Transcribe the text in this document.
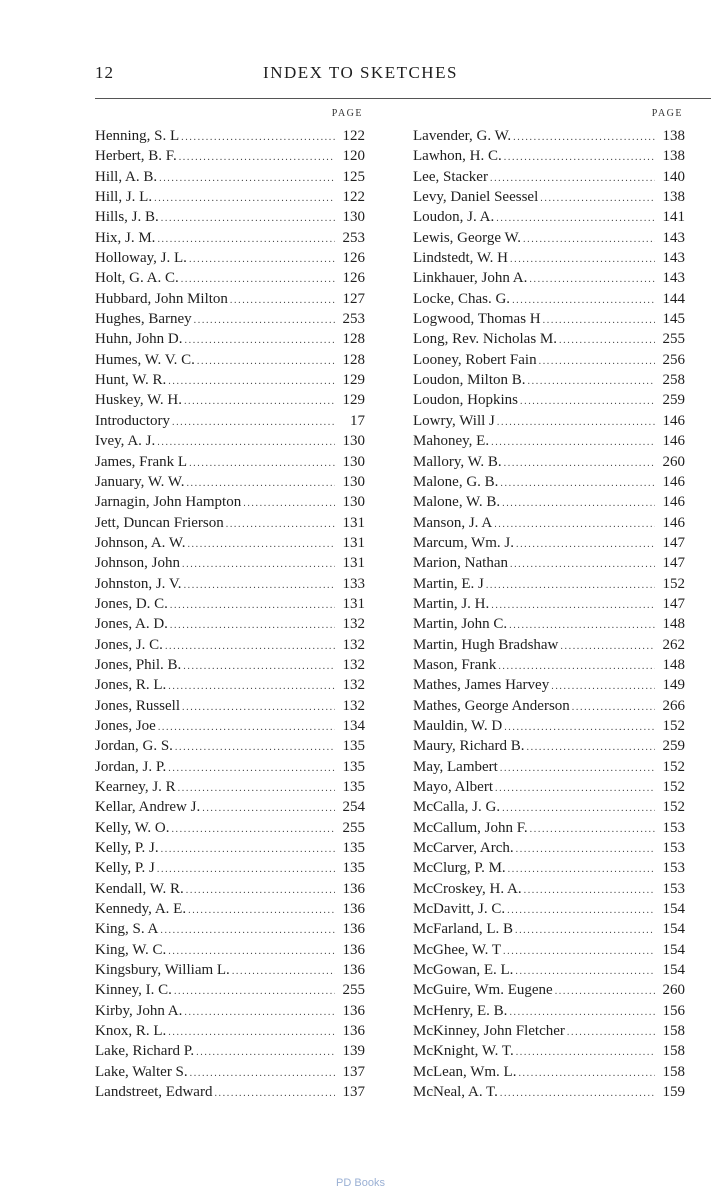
12	INDEX TO SKETCHES
PAGE
Henning, S. L .....	122
Herbert, B. F. .....	120
Hill, A. B. .....	125
Hill, J. L. .....	122
Hills, J. B. .....	130
Hix, J. M. .....	253
Holloway, J. L. .....	126
Holt, G. A. C. .....	126
Hubbard, John Milton .....	127
Hughes, Barney .....	253
Huhn, John D. .....	128
Humes, W. V. C. .....	128
Hunt, W. R. .....	129
Huskey, W. H. .....	129
Introductory .....	17
Ivey, A. J. .....	130
James, Frank L .....	130
January, W. W. .....	130
Jarnagin, John Hampton .....	130
Jett, Duncan Frierson .....	131
Johnson, A. W. .....	131
Johnson, John .....	131
Johnston, J. V. .....	133
Jones, D. C. .....	131
Jones, A. D. .....	132
Jones, J. C. .....	132
Jones, Phil. B. .....	132
Jones, R. L. .....	132
Jones, Russell .....	132
Jones, Joe .....	134
Jordan, G. S. .....	135
Jordan, J. P. .....	135
Kearney, J. R .....	135
Kellar, Andrew J. .....	254
Kelly, W. O. .....	255
Kelly, P. J. .....	135
Kelly, P. J .....	135
Kendall, W. R. .....	136
Kennedy, A. E. .....	136
King, S. A .....	136
King, W. C. .....	136
Kingsbury, William L. .....	136
Kinney, I. C. .....	255
Kirby, John A. .....	136
Knox, R. L. .....	136
Lake, Richard P. .....	139
Lake, Walter S. .....	137
Landstreet, Edward .....	137
PAGE
Lavender, G. W. .....	138
Lawhon, H. C. .....	138
Lee, Stacker .....	140
Levy, Daniel Seessel .....	138
Loudon, J. A. .....	141
Lewis, George W. .....	143
Lindstedt, W. H .....	143
Linkhauer, John A. .....	143
Locke, Chas. G. .....	144
Logwood, Thomas H .....	145
Long, Rev. Nicholas M. .....	255
Looney, Robert Fain .....	256
Loudon, Milton B. .....	258
Loudon, Hopkins .....	259
Lowry, Will J .....	146
Mahoney, E. .....	146
Mallory, W. B. .....	260
Malone, G. B. .....	146
Malone, W. B. .....	146
Manson, J. A .....	146
Marcum, Wm. J. .....	147
Marion, Nathan .....	147
Martin, E. J .....	152
Martin, J. H. .....	147
Martin, John C. .....	148
Martin, Hugh Bradshaw .....	262
Mason, Frank .....	148
Mathes, James Harvey .....	149
Mathes, George Anderson .....	266
Mauldin, W. D .....	152
Maury, Richard B. .....	259
May, Lambert .....	152
Mayo, Albert .....	152
McCalla, J. G. .....	152
McCallum, John F. .....	153
McCarver, Arch. .....	153
McClurg, P. M. .....	153
McCroskey, H. A. .....	153
McDavitt, J. C. .....	154
McFarland, L. B .....	154
McGhee, W. T .....	154
McGowan, E. L. .....	154
McGuire, Wm. Eugene .....	260
McHenry, E. B. .....	156
McKinney, John Fletcher .....	158
McKnight, W. T. .....	158
McLean, Wm. L. .....	158
McNeal, A. T. .....	159
PD Books
